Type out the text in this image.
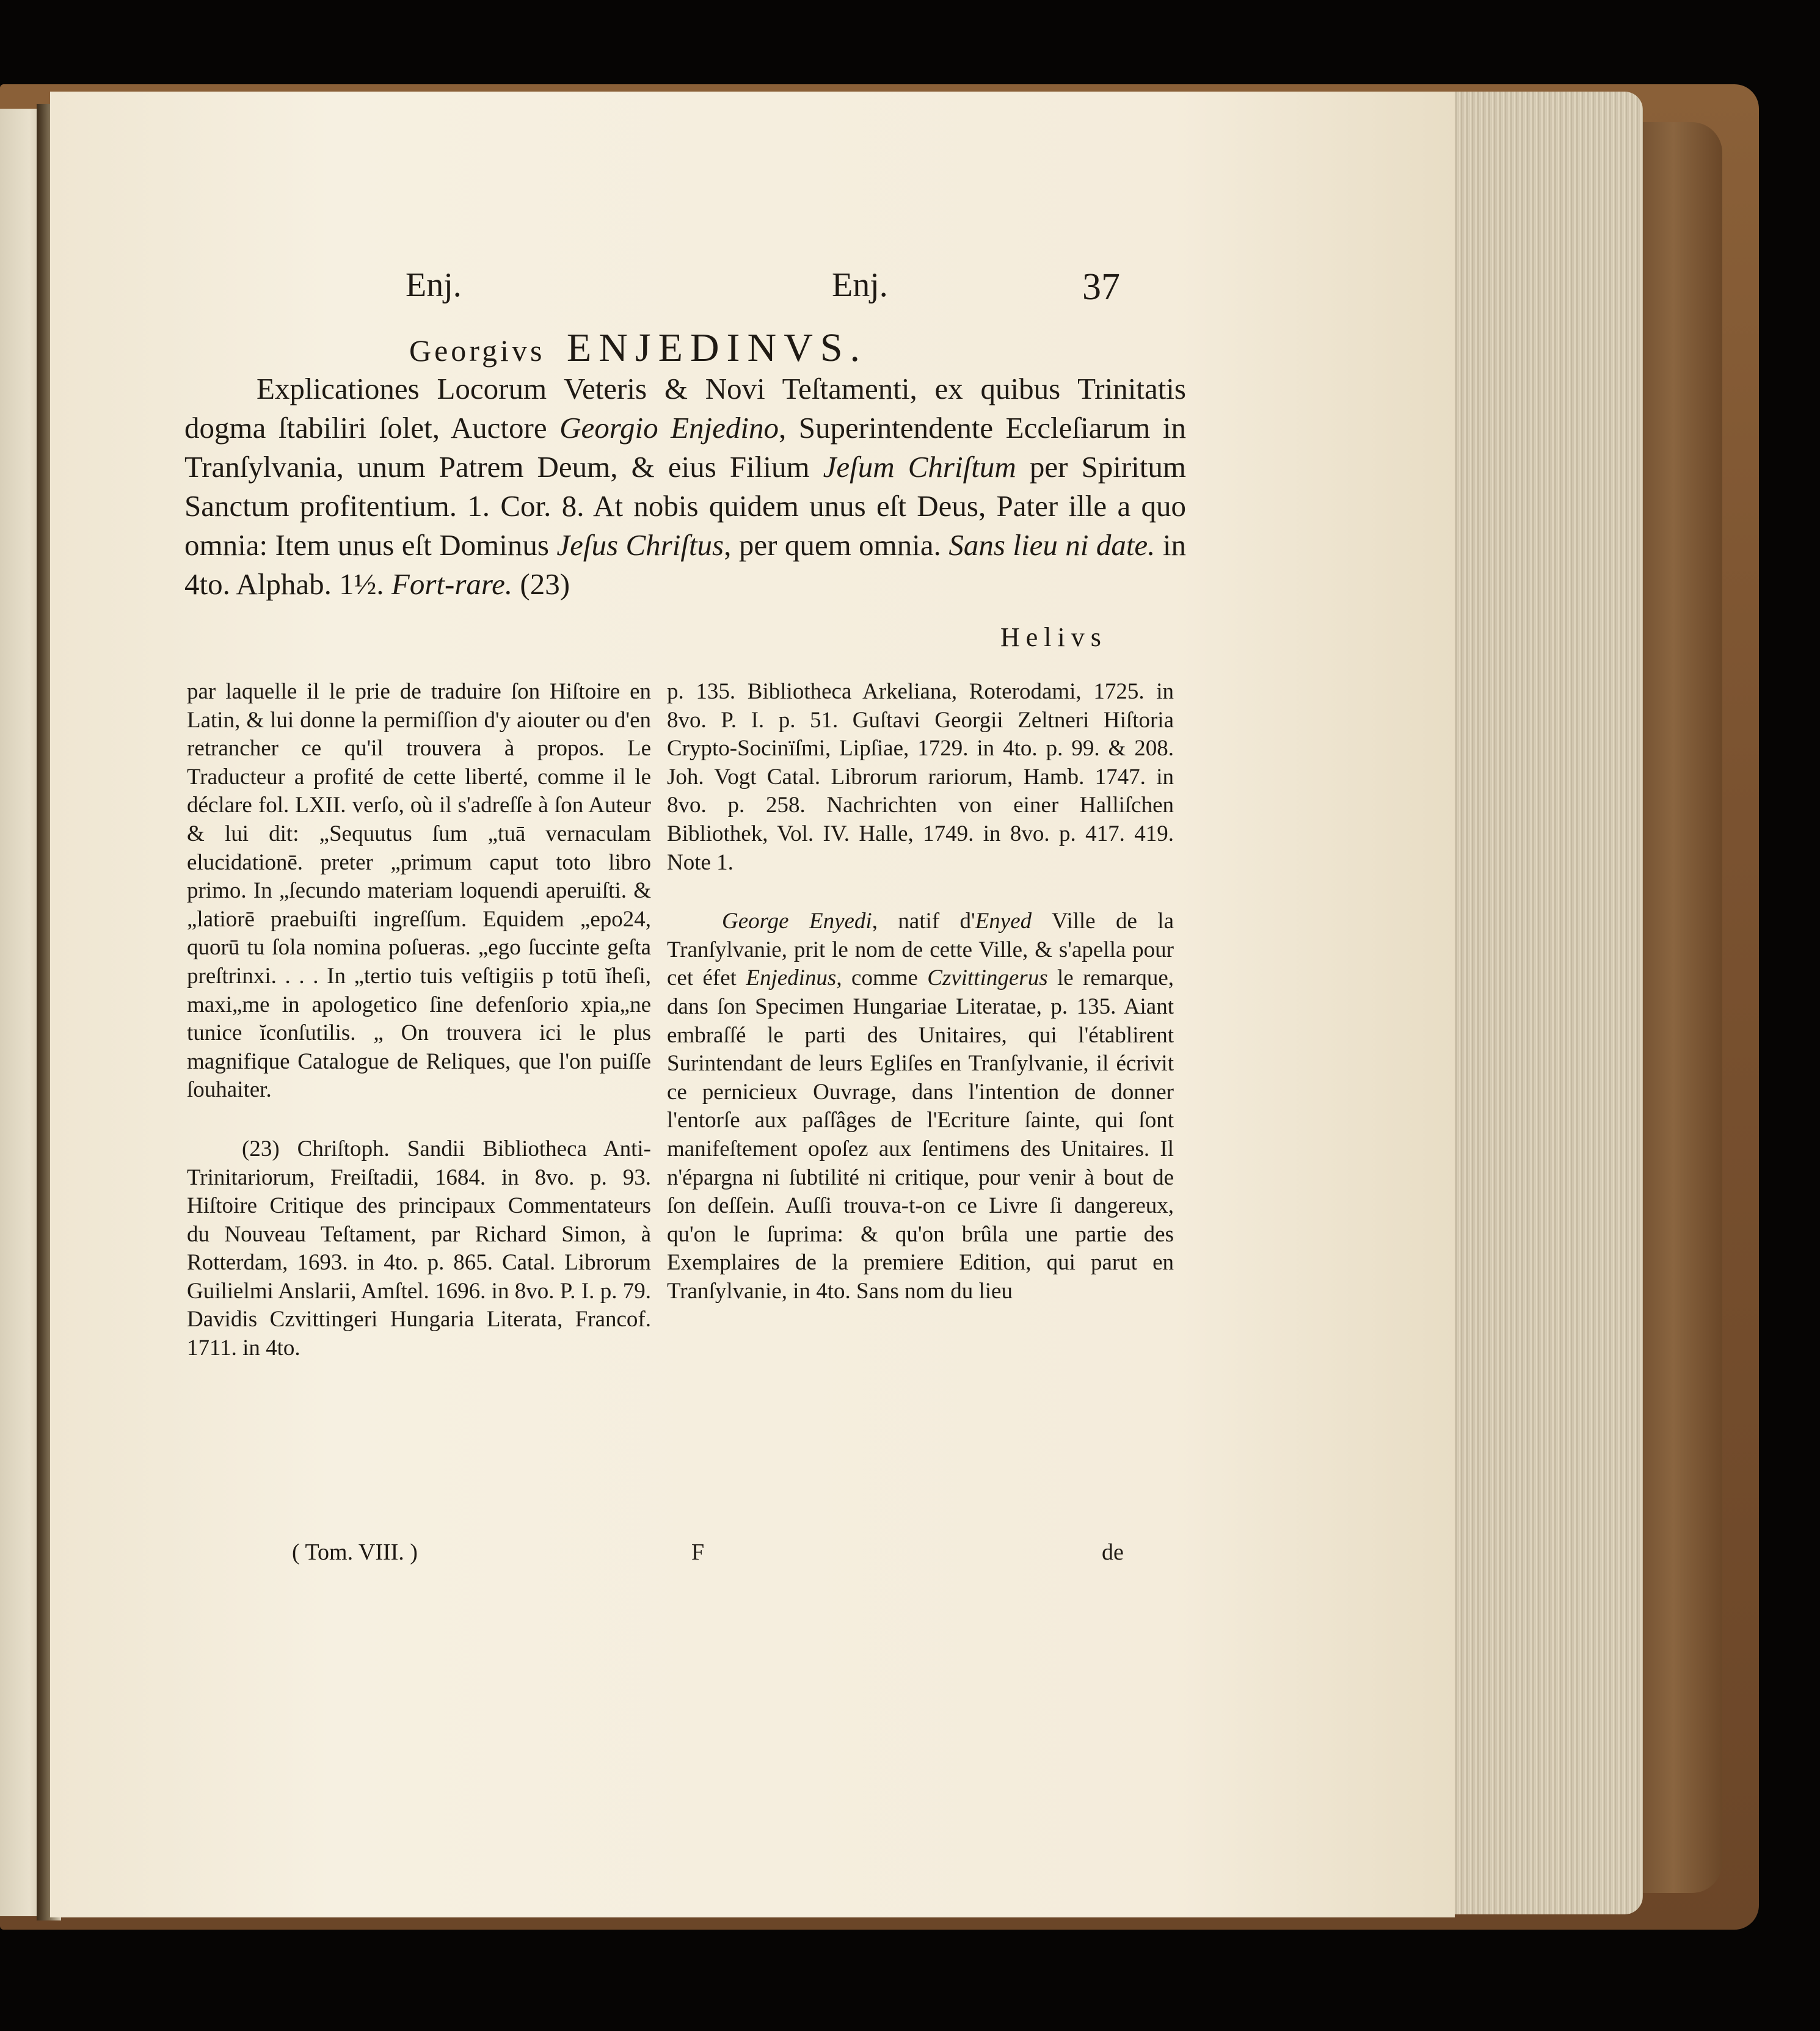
Enj.	Enj.	37
Georgivs ENJEDINVS.
Explicationes Locorum Veteris & Novi Teſtamenti, ex quibus Trinitatis dogma ſtabiliri ſolet, Auctore Georgio Enjedino, Superintendente Eccleſiarum in Tranſylvania, unum Patrem Deum, & eius Filium Jeſum Chriſtum per Spiritum Sanctum profitentium. 1. Cor. 8. At nobis quidem unus eſt Deus, Pater ille a quo omnia: Item unus eſt Dominus Jeſus Chriſtus, per quem omnia. Sans lieu ni date. in 4to. Alphab. 1½. Fort-rare. (23)
Helivs

par laquelle il le prie de traduire ſon Hiſtoire en Latin, & lui donne la permiſſion d'y aiouter ou d'en retrancher ce qu'il trouvera à propos. Le Traducteur a profité de cette liberté, comme il le déclare fol. LXII. verſo, où il s'adreſſe à ſon Auteur & lui dit: „Sequutus ſum „tuā vernaculam elucidationē. preter „primum caput toto libro primo. In „ſecundo materiam loquendi aperuiſti. & „latiorē praebuiſti ingreſſum. Equidem „epo24, quorū tu ſola nomina poſueras. „ego ſuccinte geſta preſtrinxi. . . . In „tertio tuis veſtigiis p totū ĭheſi, maxi„me in apologetico ſine defenſorio xpia„ne tunice ĭconſutilis. „ On trouvera ici le plus magnifique Catalogue de Reliques, que l'on puiſſe ſouhaiter.

(23) Chriſtoph. Sandii Bibliotheca Anti-Trinitariorum, Freiſtadii, 1684. in 8vo. p. 93. Hiſtoire Critique des principaux Commentateurs du Nouveau Teſtament, par Richard Simon, à Rotterdam, 1693. in 4to. p. 865. Catal. Librorum Guilielmi Anslarii, Amſtel. 1696. in 8vo. P. I. p. 79. Davidis Czvittingeri Hungaria Literata, Francof. 1711. in 4to.

p. 135. Bibliotheca Arkeliana, Roterodami, 1725. in 8vo. P. I. p. 51. Guſtavi Georgii Zeltneri Hiſtoria Crypto-Socinïſmi, Lipſiae, 1729. in 4to. p. 99. & 208. Joh. Vogt Catal. Librorum rariorum, Hamb. 1747. in 8vo. p. 258. Nachrichten von einer Halliſchen Bibliothek, Vol. IV. Halle, 1749. in 8vo. p. 417. 419. Note 1.

George Enyedi, natif d'Enyed Ville de la Tranſylvanie, prit le nom de cette Ville, & s'apella pour cet éfet Enjedinus, comme Czvittingerus le remarque, dans ſon Specimen Hungariae Literatae, p. 135. Aiant embraſſé le parti des Unitaires, qui l'établirent Surintendant de leurs Egliſes en Tranſylvanie, il écrivit ce pernicieux Ouvrage, dans l'intention de donner l'entorſe aux paſſâges de l'Ecriture ſainte, qui ſont manifeſtement opoſez aux ſentimens des Unitaires. Il n'épargna ni ſubtilité ni critique, pour venir à bout de ſon deſſein. Auſſi trouva-t-on ce Livre ſi dangereux, qu'on le ſuprima: & qu'on brûla une partie des Exemplaires de la premiere Edition, qui parut en Tranſylvanie, in 4to. Sans nom du lieu

( Tom. VIII. )	F	de
